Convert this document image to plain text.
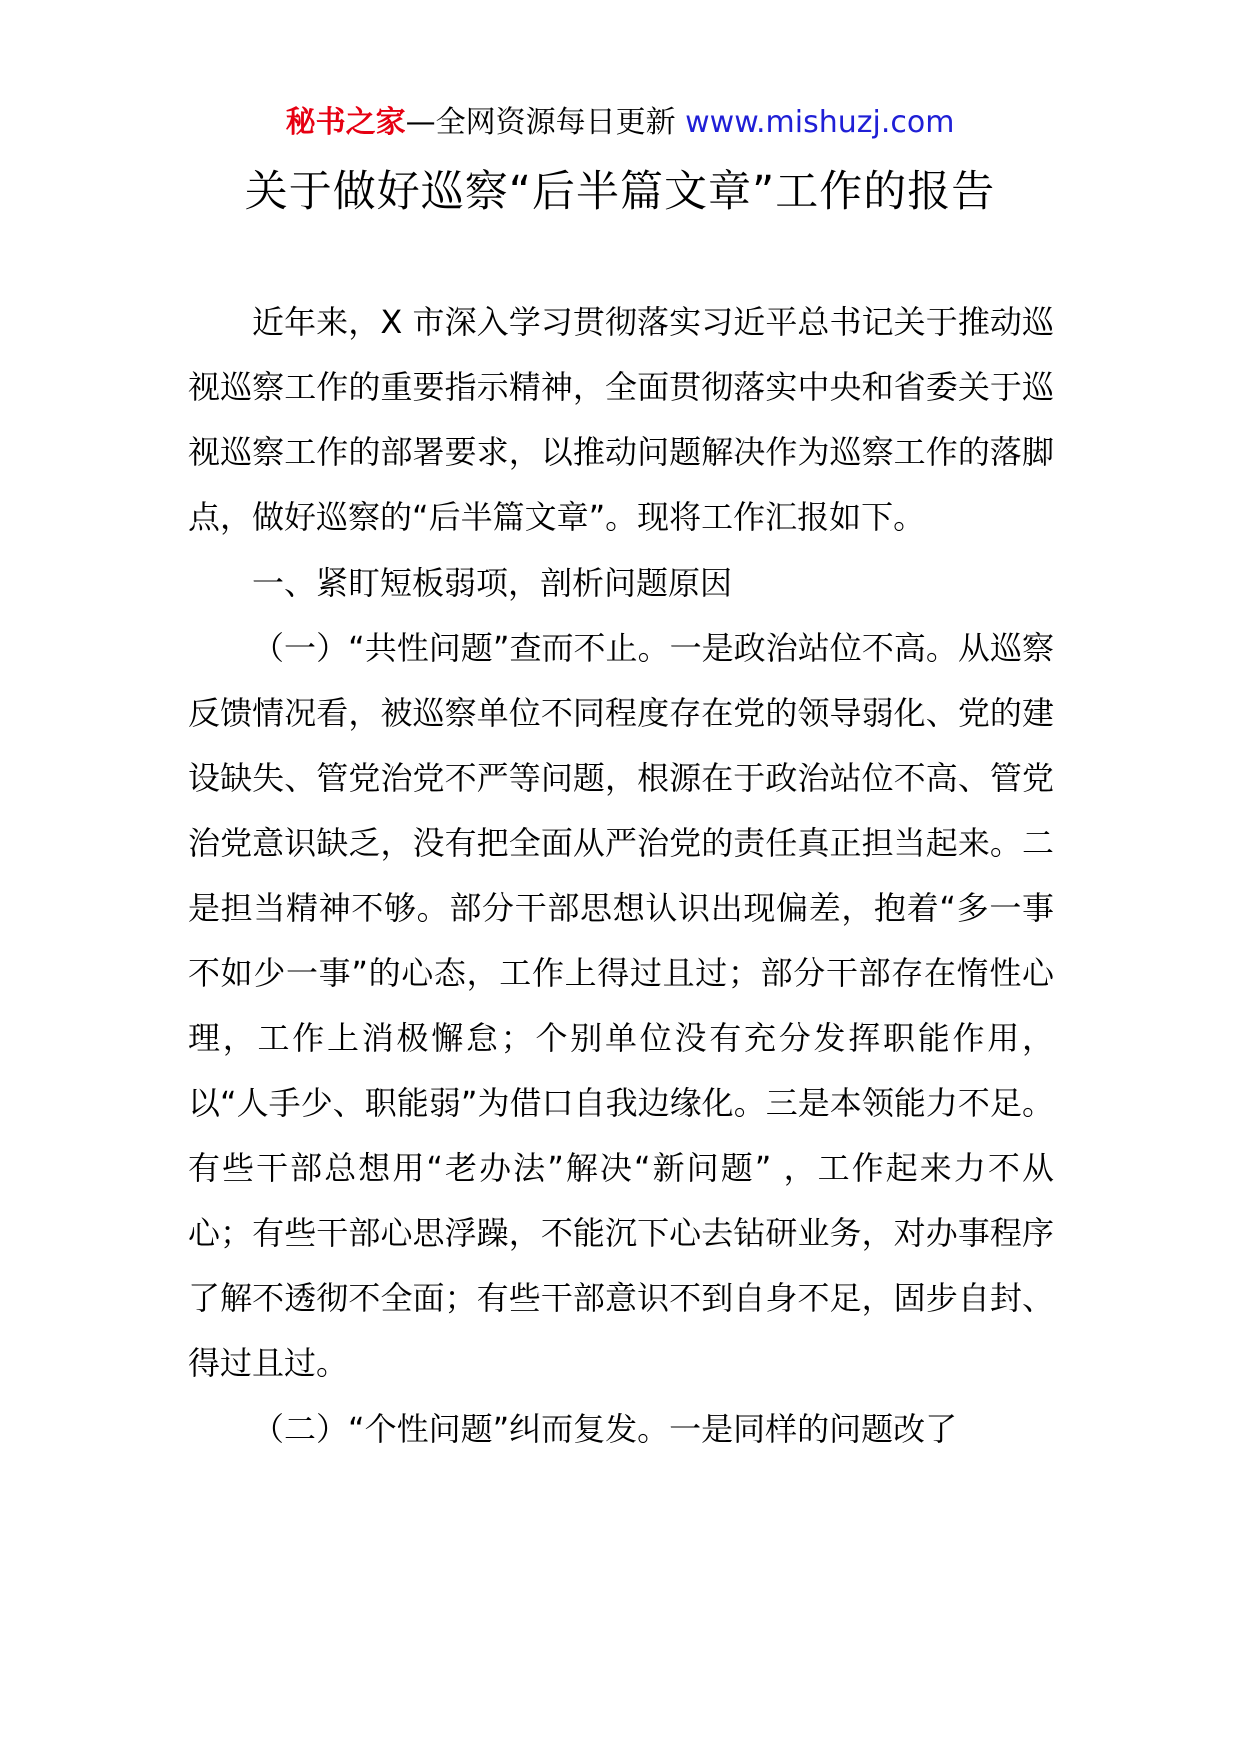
秘书之家—全网资源每日更新 www.mishuzj.com
关于做好巡察“后半篇文章”工作的报告

近年来，X 市深入学习贯彻落实习近平总书记关于推动巡视巡察工作的重要指示精神，全面贯彻落实中央和省委关于巡视巡察工作的部署要求，以推动问题解决作为巡察工作的落脚点，做好巡察的“后半篇文章”。现将工作汇报如下。

一、紧盯短板弱项，剖析问题原因

（一）“共性问题”查而不止。一是政治站位不高。从巡察反馈情况看，被巡察单位不同程度存在党的领导弱化、党的建设缺失、管党治党不严等问题，根源在于政治站位不高、管党治党意识缺乏，没有把全面从严治党的责任真正担当起来。二是担当精神不够。部分干部思想认识出现偏差，抱着“多一事不如少一事”的心态，工作上得过且过；部分干部存在惰性心理，工作上消极懈怠；个别单位没有充分发挥职能作用，以“人手少、职能弱”为借口自我边缘化。三是本领能力不足。有些干部总想用“老办法”解决“新问题” ，工作起来力不从心；有些干部心思浮躁，不能沉下心去钻研业务，对办事程序了解不透彻不全面；有些干部意识不到自身不足，固步自封、得过且过。

（二）“个性问题”纠而复发。一是同样的问题改了
